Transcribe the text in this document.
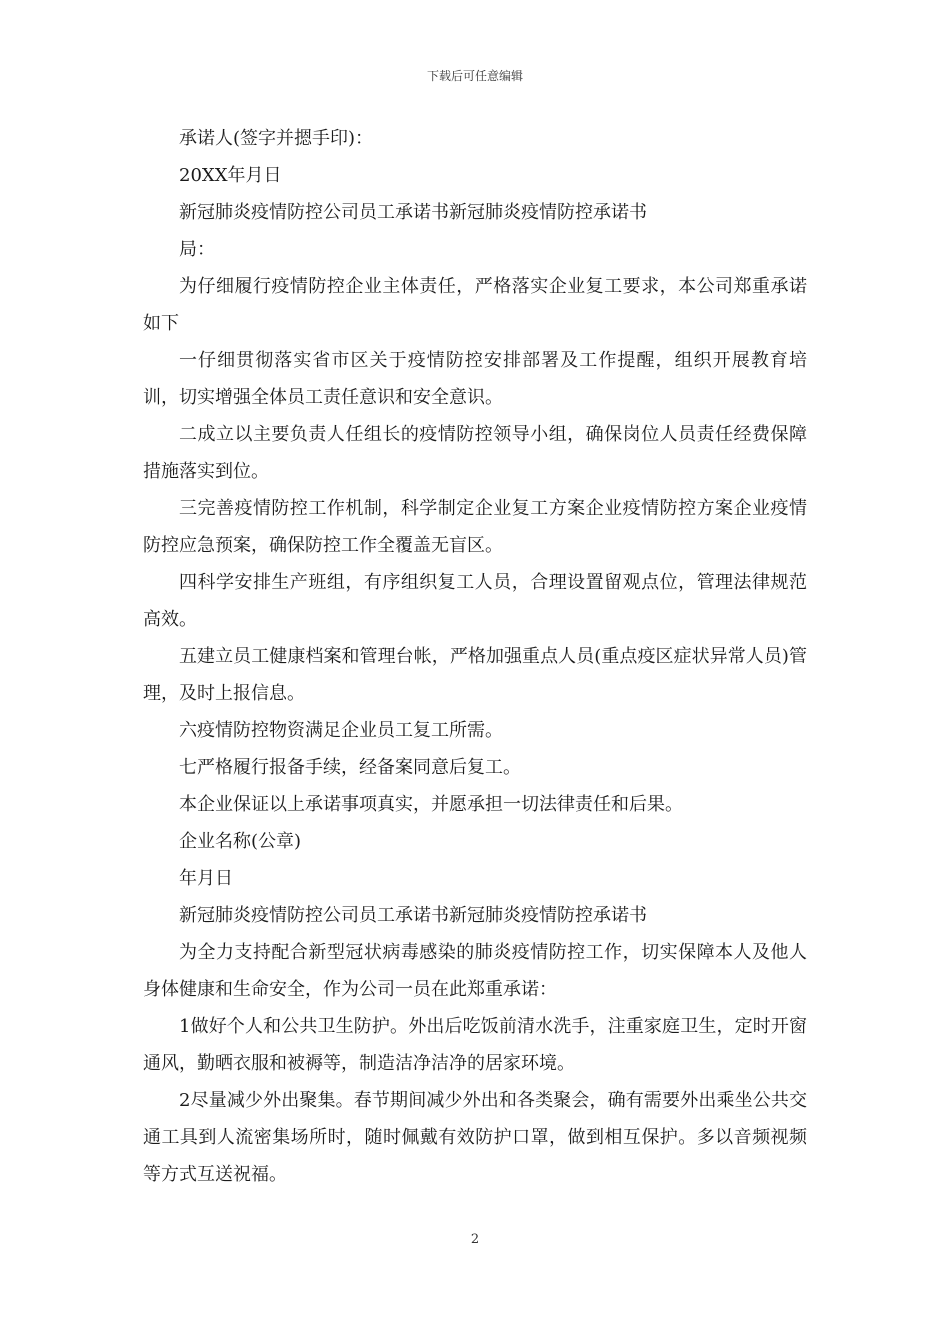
下载后可任意编辑

承诺人(签字并摁手印)：

20XX年月日

新冠肺炎疫情防控公司员工承诺书新冠肺炎疫情防控承诺书

局：

为仔细履行疫情防控企业主体责任，严格落实企业复工要求，本公司郑重承诺如下

一仔细贯彻落实省市区关于疫情防控安排部署及工作提醒，组织开展教育培训，切实增强全体员工责任意识和安全意识。

二成立以主要负责人任组长的疫情防控领导小组，确保岗位人员责任经费保障措施落实到位。

三完善疫情防控工作机制，科学制定企业复工方案企业疫情防控方案企业疫情防控应急预案，确保防控工作全覆盖无盲区。

四科学安排生产班组，有序组织复工人员，合理设置留观点位，管理法律规范高效。

五建立员工健康档案和管理台帐，严格加强重点人员(重点疫区症状异常人员)管理，及时上报信息。

六疫情防控物资满足企业员工复工所需。

七严格履行报备手续，经备案同意后复工。

本企业保证以上承诺事项真实，并愿承担一切法律责任和后果。

企业名称(公章)

年月日

新冠肺炎疫情防控公司员工承诺书新冠肺炎疫情防控承诺书

为全力支持配合新型冠状病毒感染的肺炎疫情防控工作，切实保障本人及他人身体健康和生命安全，作为公司一员在此郑重承诺：

1做好个人和公共卫生防护。外出后吃饭前清水洗手，注重家庭卫生，定时开窗通风，勤晒衣服和被褥等，制造洁净洁净的居家环境。

2尽量减少外出聚集。春节期间减少外出和各类聚会，确有需要外出乘坐公共交通工具到人流密集场所时，随时佩戴有效防护口罩，做到相互保护。多以音频视频等方式互送祝福。

2
